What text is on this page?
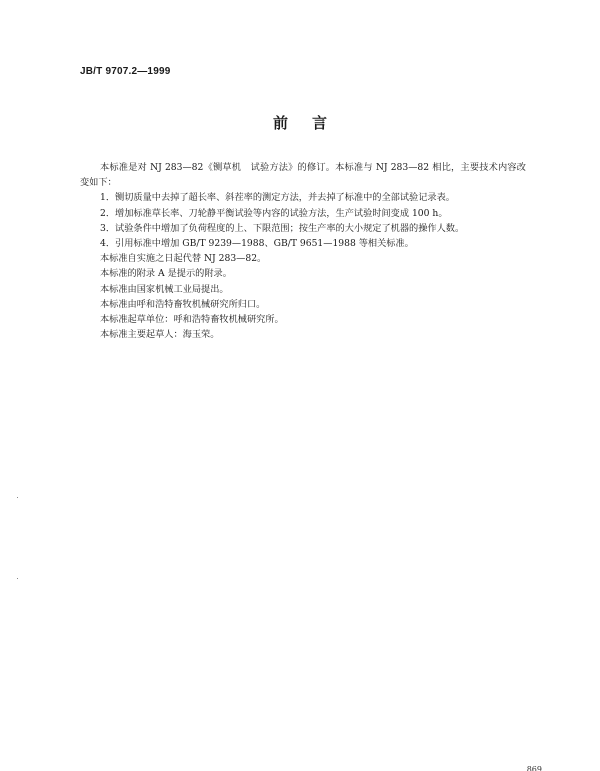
JB/T 9707.2—1999
前言

本标准是对 NJ 283—82《铡草机　试验方法》的修订。本标准与 NJ 283—82 相比，主要技术内容改变如下：

1．铡切质量中去掉了超长率、斜茬率的测定方法，并去掉了标准中的全部试验记录表。

2．增加标准草长率、刀轮静平衡试验等内容的试验方法，生产试验时间变成 100 h。

3．试验条件中增加了负荷程度的上、下限范围；按生产率的大小规定了机器的操作人数。

4．引用标准中增加 GB/T 9239—1988、GB/T 9651—1988 等相关标准。

本标准自实施之日起代替 NJ 283—82。

本标准的附录 A 是提示的附录。

本标准由国家机械工业局提出。

本标准由呼和浩特畜牧机械研究所归口。

本标准起草单位：呼和浩特畜牧机械研究所。

本标准主要起草人：海玉荣。

869
